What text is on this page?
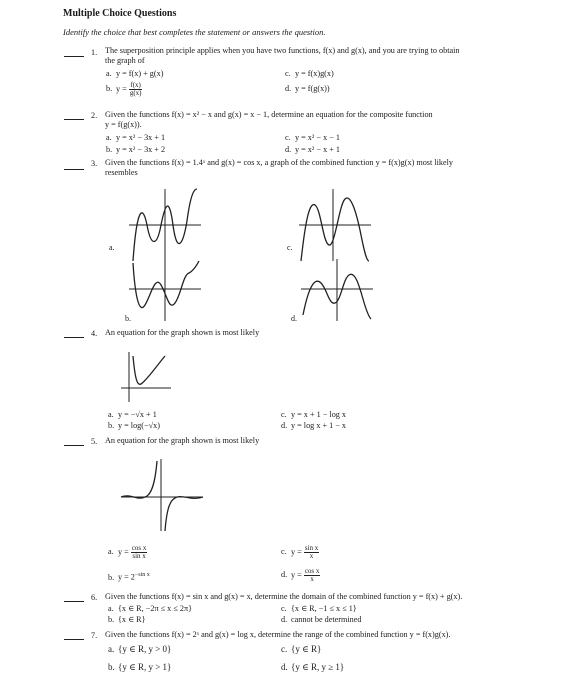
Multiple Choice Questions
Identify the choice that best completes the statement or answers the question.
1. The superposition principle applies when you have two functions, f(x) and g(x), and you are trying to obtain
the graph of
a. y = f(x) + g(x)
b. $y = \frac{f(x)}{g(x)}$
c. y = f(x)g(x)
d. y = f(g(x))
2. Given the functions f(x) = x² − x and g(x) = x − 1, determine an equation for the composite function
y = f(g(x)).
a. y = x² − 3x + 1
b. y = x² − 3x + 2
c. y = x² − x − 1
d. y = x² − x + 1
3. Given the functions f(x) = 1.4ˣ and g(x) = cos x, a graph of the combined function y = f(x)g(x) most likely
resembles
a.	c.
b.	d.
4. An equation for the graph shown is most likely
a. y = −√x + 1
b. y = log(−√x)
c. y = x + 1 − log x
d. y = log x + 1 − x
5. An equation for the graph shown is most likely
a. $y = \frac{\text{cos x}}{\text{sin x}}$
b. $y = 2^{-sin x}$
c. $y = \frac{\text{sin x}}{x}$
d. $y = \frac{\text{cos x}}{x}$
6. Given the functions f(x) = sin x and g(x) = x, determine the domain of the combined function y = f(x) + g(x).
a. {x ∈ R, −2π ≤ x ≤ 2π}
b. {x ∈ R}
c. {x ∈ R, −1 ≤ x ≤ 1}
d. cannot be determined
7. Given the functions f(x) = 2ˣ and g(x) = log x, determine the range of the combined function y = f(x)g(x).
a. {y ∈ R, y > 0}
b. {y ∈ R, y > 1}
c. {y ∈ R}
d. {y ∈ R, y ≥ 1}
